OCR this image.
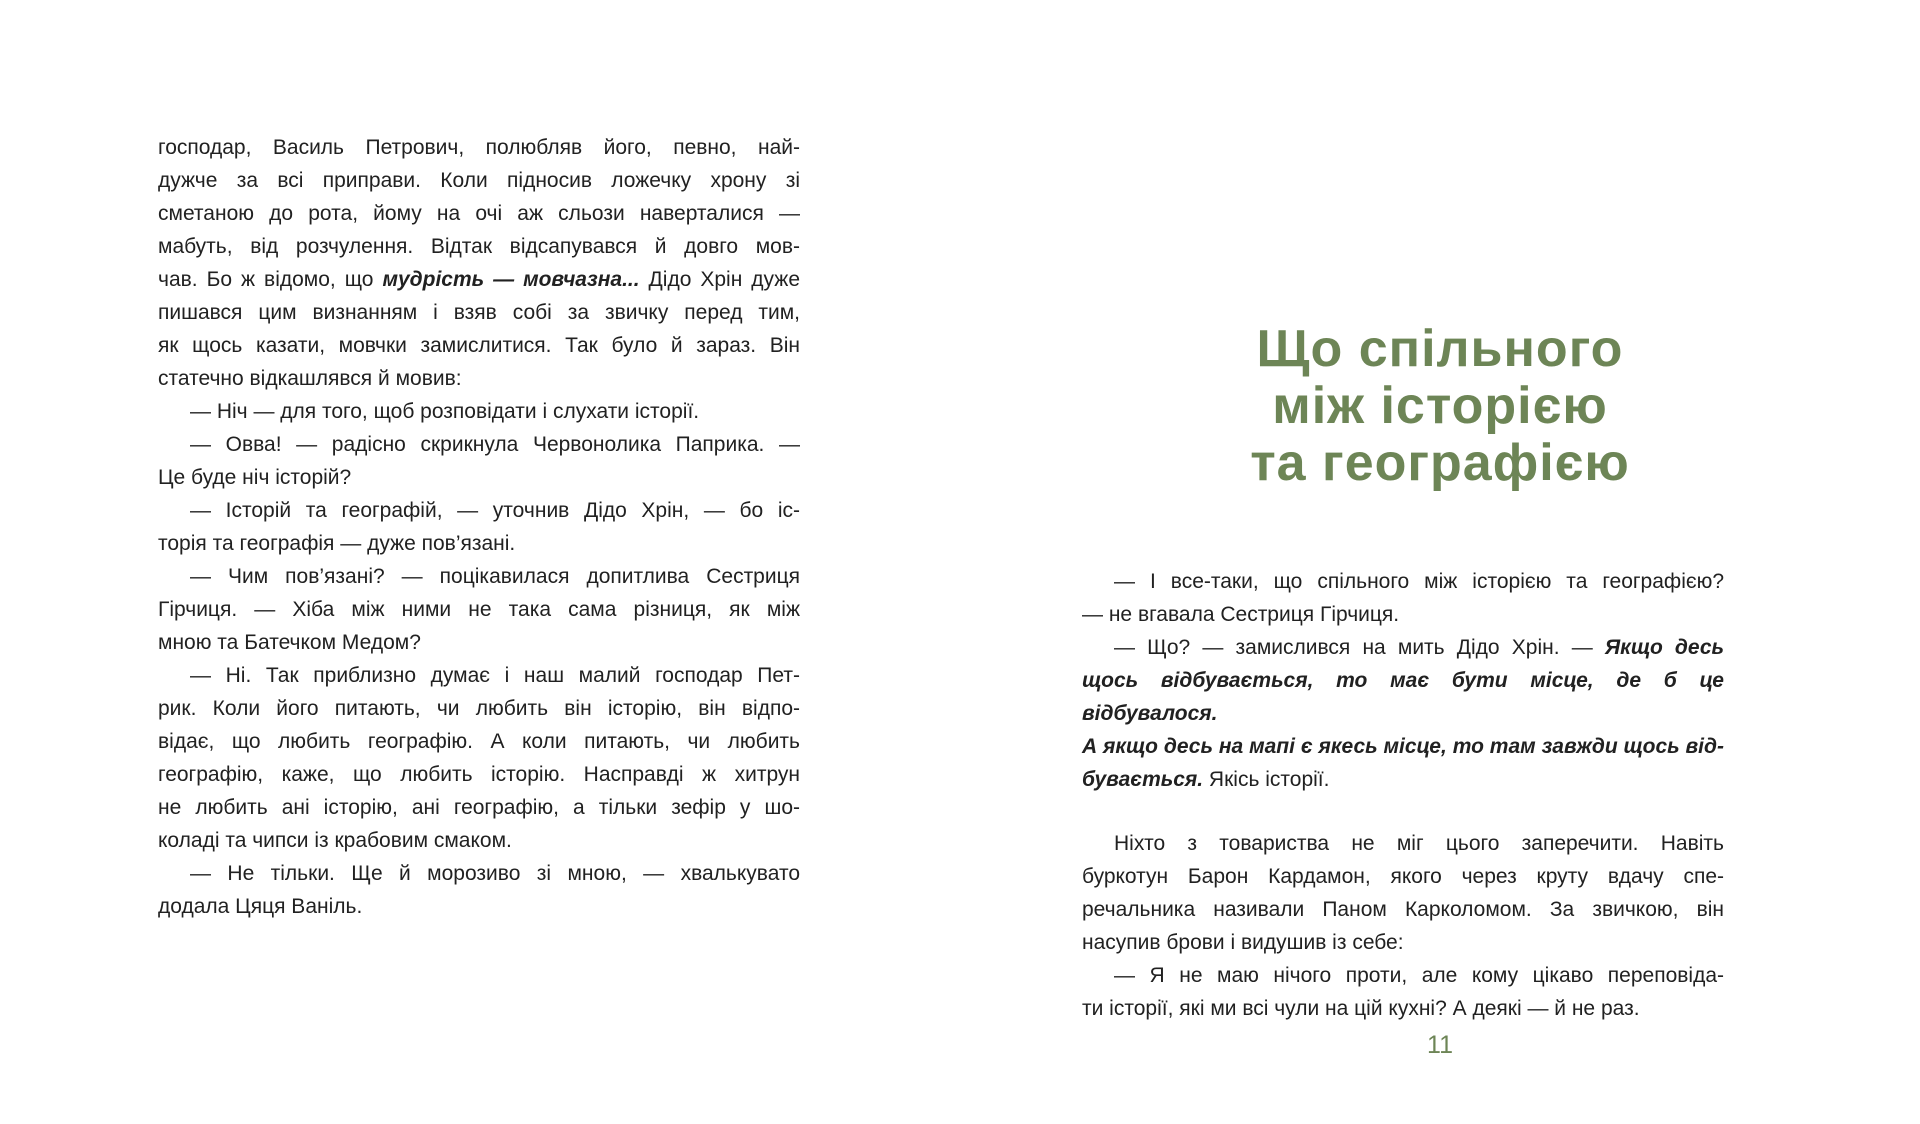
господар, Василь Петрович, полюбляв його, певно, най-
дужче за всі приправи. Коли підносив ложечку хрону зі
сметаною до рота, йому на очі аж сльози наверталися —
мабуть, від розчулення. Відтак відсапувався й довго мов-
чав. Бо ж відомо, що мудрість — мовчазна... Дідо Хрін дуже
пишався цим визнанням і взяв собі за звичку перед тим,
як щось казати, мовчки замислитися. Так було й зараз. Він
статечно відкашлявся й мовив:
— Ніч — для того, щоб розповідати і слухати історії.
— Овва! — радісно скрикнула Червонолика Паприка. —
Це буде ніч історій?
— Історій та географій, — уточнив Дідо Хрін, — бо іс-
торія та географія — дуже пов’язані.
— Чим пов’язані? — поцікавилася допитлива Сестриця
Гірчиця. — Хіба між ними не така сама різниця, як між
мною та Батечком Медом?
— Ні. Так приблизно думає і наш малий господар Пет-
рик. Коли його питають, чи любить він історію, він відпо-
відає, що любить географію. А коли питають, чи любить
географію, каже, що любить історію. Насправді ж хитрун
не любить ані історію, ані географію, а тільки зефір у шо-
коладі та чипси із крабовим смаком.
— Не тільки. Ще й морозиво зі мною, — хвалькувато
додала Цяця Ваніль.
Що спільного
між історією
та географією
— І все-таки, що спільного між історією та географією?
— не вгавала Сестриця Гірчиця.
— Що? — замислився на мить Дідо Хрін. — Якщо десь
щось відбувається, то має бути місце, де б це відбувалося.
А якщо десь на мапі є якесь місце, то там завжди щось від-
бувається. Якісь історії.
Ніхто з товариства не міг цього заперечити. Навіть
буркотун Барон Кардамон, якого через круту вдачу спе-
речальника називали Паном Карколомом. За звичкою, він
насупив брови і видушив із себе:
— Я не маю нічого проти, але кому цікаво переповіда-
ти історії, які ми всі чули на цій кухні? А деякі — й не раз.
11
